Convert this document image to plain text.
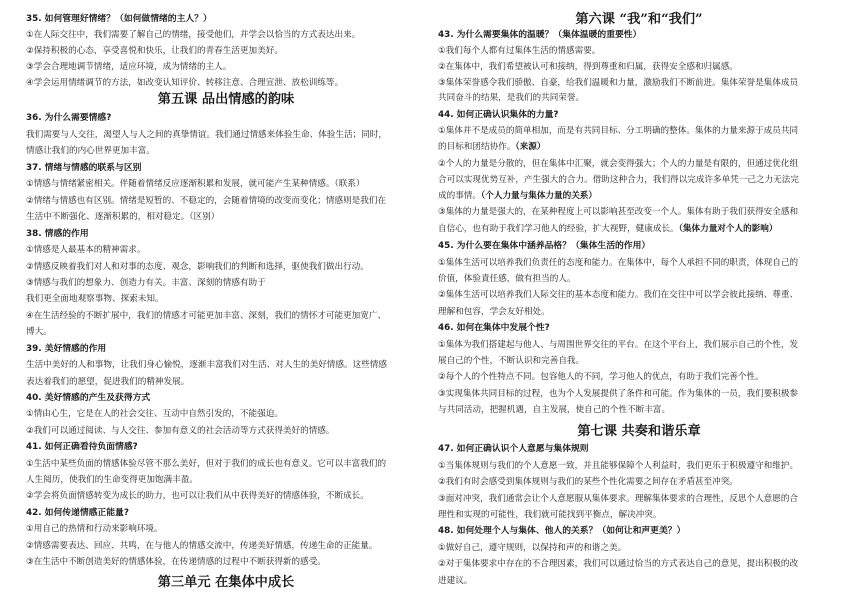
35. 如何管理好情绪？（如何做情绪的主人？）
①在人际交往中，我们需要了解自己的情绪，接受他们，并学会以恰当的方式表达出来。
②保持积极的心态，享受喜悦和快乐，让我们的青春生活更加美好。
③学会合理地调节情绪，适应环境，成为情绪的主人。
④学会运用情绪调节的方法，如改变认知评价、转移注意、合理宣泄、放松训练等。
第五课 品出情感的韵味
36. 为什么需要情感?
我们需要与人交往，渴望人与人之间的真挚情谊。我们通过情感来体验生命、体验生活；同时，
情感让我们的内心世界更加丰富。
37. 情绪与情感的联系与区别
①情感与情绪紧密相关。伴随着情绪反应逐渐积累和发展，就可能产生某种情感。（联系）
②情绪与情感也有区别。情绪是短暂的、不稳定的，会随着情境的改变而变化；情感则是我们在
生活中不断强化、逐渐积累的，相对稳定。（区别）
38. 情感的作用
①情感是人最基本的精神需求。
②情感反映着我们对人和对事的态度、观念，影响我们的判断和选择，驱使我们做出行动。
③情感与我们的想象力、创造力有关。丰富、深刻的情感有助于
我们更全面地观察事物、探索未知。
④在生活经验的不断扩展中，我们的情感才可能更加丰富、深刻，我们的情怀才可能更加宽广、
博大。
39. 美好情感的作用
生活中美好的人和事物，让我们身心愉悦，逐渐丰富我们对生活、对人生的美好情感。这些情感
表达着我们的愿望，促进我们的精神发展。
40. 美好情感的产生及获得方式
①情由心生，它是在人的社会交往、互动中自然引发的，不能强迫。
②我们可以通过阅读、与人交往、参加有意义的社会活动等方式获得美好的情感。
41. 如何正确看待负面情感?
①生活中某些负面的情感体验尽管不那么美好，但对于我们的成长也有意义。它可以丰富我们的
人生阅历，使我们的生命变得更加饱满丰盈。
②学会将负面情感转变为成长的助力，也可以让我们从中获得美好的情感体验，不断成长。
42. 如何传递情感正能量?
①用自己的热情和行动来影响环境。
②情感需要表达、回应、共鸣，在与他人的情感交流中，传递美好情感，传递生命的正能量。
③在生活中不断创造美好的情感体验，在传递情感的过程中不断获得新的感受。
第三单元 在集体中成长
第六课 “我”和“我们”
43. 为什么需要集体的温暖？（集体温暖的重要性）
①我们每个人都有过集体生活的情感需要。
②在集体中，我们希望被认可和接纳，得到尊重和归属，获得安全感和归属感。
③集体荣誉感令我们骄傲、自豪，给我们温暖和力量，激励我们不断前进。集体荣誉是集体成员
共同奋斗的结果，是我们的共同荣誉。
44. 如何正确认识集体的力量?
①集体并不是成员的简单相加，而是有共同目标、分工明确的整体。集体的力量来源于成员共同
的目标和团结协作。（来源）
②个人的力量是分散的，但在集体中汇聚，就会变得强大；个人的力量是有限的，但通过优化组
合可以实现优势互补，产生强大的合力。借助这种合力，我们得以完成许多单凭一己之力无法完
成的事情。（个人力量与集体力量的关系）
③集体的力量是强大的，在某种程度上可以影响甚至改变一个人。集体有助于我们获得安全感和
自信心，也有助于我们学习他人的经验，扩大视野，健康成长。（集体力量对个人的影响）
45. 为什么要在集体中涵养品格？（集体生活的作用）
①集体生活可以培养我们负责任的态度和能力。在集体中，每个人承担不同的职责，体现自己的
价值，体验責任感，做有担当的人。
②集体生活可以培养我们人际交往的基本态度和能力。我们在交往中可以学会彼此接纳、尊重、
理解和包容，学会友好相处。
46. 如何在集体中发展个性?
①集体为我们搭建起与他人、与周围世界交往的平台。在这个平台上，我们展示自己的个性，发
展自己的个性，不断认识和完善自我。
②每个人的个性特点不同。包容他人的不同，学习他人的优点，有助于我们完善个性。
③实现集体共同目标的过程，也为个人发展提供了条件和可能。作为集体的一员，我们要积极参
与共同活动，把握机遇，自主发展，使自己的个性不断丰富。
第七课 共奏和谐乐章
47. 如何正确认识个人意愿与集体规则
①当集体规则与我们的个人意愿一致，并且能够保障个人利益时，我们更乐于积极遵守和维护。
②我们有时会感受到集体规则与我们的某些个性化需要之间存在矛盾甚至冲突。
③面对冲突，我们通常会让个人意愿服从集体要求。理解集体要求的合理性，反思个人意愿的合
理性和实现的可能性，我们就可能找到平衡点，解决冲突。
48. 如何处理个人与集体、他人的关系？（如何让和声更美？）
①做好自己，遵守规则，以保持和声的和谐之美。
②对于集体要求中存在的不合理因素，我们可以通过恰当的方式表达自己的意见，提出积极的改
进建议。
